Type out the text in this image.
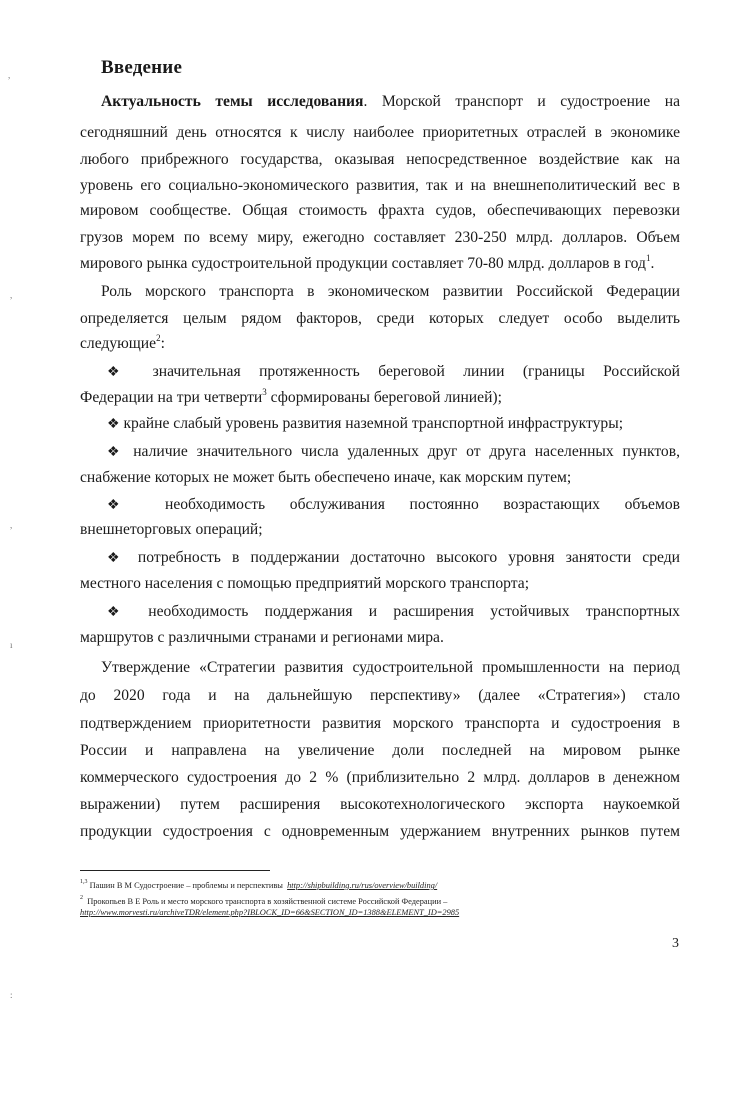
Введение
Актуальность темы исследования. Морской транспорт и судостроение на
сегодняшний день относятся к числу наиболее приоритетных отраслей в экономике
любого прибрежного государства, оказывая непосредственное воздействие как на
уровень его социально-экономического развития, так и на внешнеполитический вес в
мировом сообществе. Общая стоимость фрахта судов, обеспечивающих перевозки
грузов морем по всему миру, ежегодно составляет 230-250 млрд. долларов. Объем
мирового рынка судостроительной продукции составляет 70-80 млрд. долларов в год$^1$.
Роль морского транспорта в экономическом развитии Российской Федерации
определяется целым рядом факторов, среди которых следует особо выделить
следующие$^2$:
❖ значительная протяженность береговой линии (границы Российской
Федерации на три четверти$^3$ сформированы береговой линией);
❖ крайне слабый уровень развития наземной транспортной инфраструктуры;
❖ наличие значительного числа удаленных друг от друга населенных пунктов,
снабжение которых не может быть обеспечено иначе, как морским путем;
❖ необходимость обслуживания постоянно возрастающих объемов
внешнеторговых операций;
❖ потребность в поддержании достаточно высокого уровня занятости среди
местного населения с помощью предприятий морского транспорта;
❖ необходимость поддержания и расширения устойчивых транспортных
маршрутов с различными странами и регионами мира.
Утверждение «Стратегии развития судостроительной промышленности на период
до 2020 года и на дальнейшую перспективу» (далее «Стратегия») стало
подтверждением приоритетности развития морского транспорта и судостроения в
России и направлена на увеличение доли последней на мировом рынке
коммерческого судостроения до 2 % (приблизительно 2 млрд. долларов в денежном
выражении) путем расширения высокотехнологического экспорта наукоемкой
продукции судостроения с одновременным удержанием внутренних рынков путем
$^{1,3}$ Пашин В М Судостроение – проблемы и перспективы http://shipbuilding.ru/rus/overview/building/
$^2$ Прокопьев В Е Роль и место морского транспорта в хозяйственной системе Российской Федерации –
http://www.morvesti.ru/archiveTDR/element.php?IBLOCK_ID=66&SECTION_ID=1388&ELEMENT_ID=2985
3
,
,
,
ı
:
